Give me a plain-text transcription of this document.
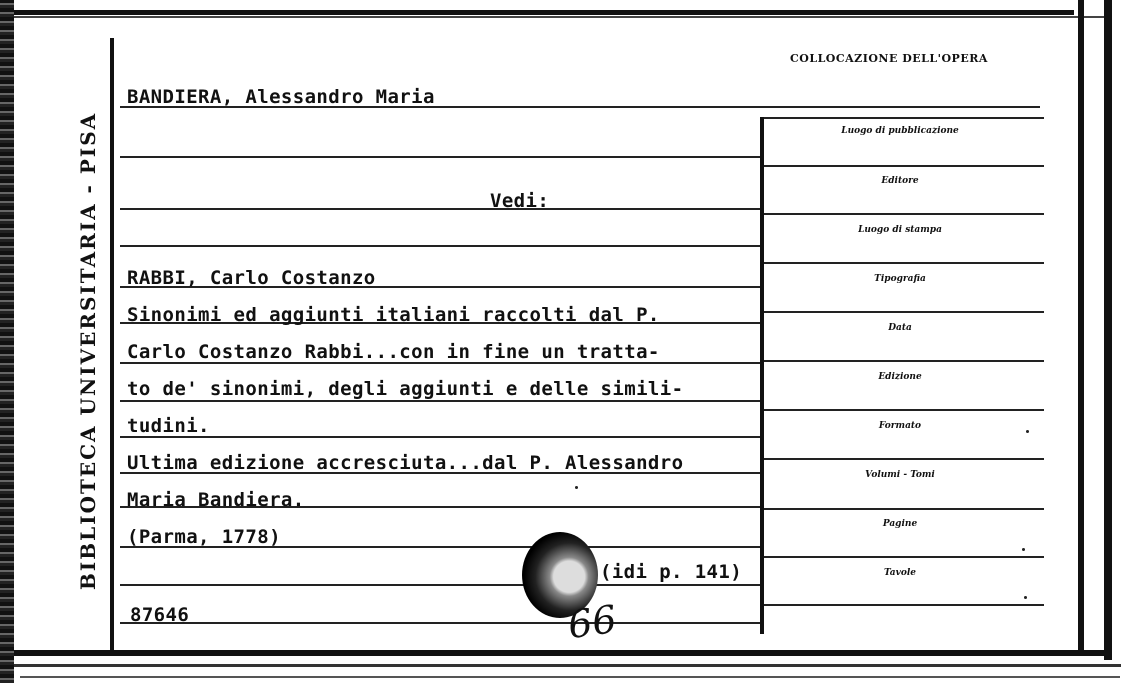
BIBLIOTECA UNIVERSITARIA - PISA
COLLOCAZIONE DELL'OPERA
Luogo di pubblicazione
Editore
Luogo di stampa
Tipografia
Data
Edizione
Formato
Volumi - Tomi
Pagine
Tavole
BANDIERA, Alessandro Maria
Vedi:
RABBI, Carlo Costanzo
Sinonimi ed aggiunti italiani raccolti dal P.
Carlo Costanzo Rabbi...con in fine un tratta-
to de' sinonimi, degli aggiunti e delle simili-
tudini.
Ultima edizione accresciuta...dal P. Alessandro
Maria Bandiera.
(Parma, 1778)
(idi p. 141)
87646	66
